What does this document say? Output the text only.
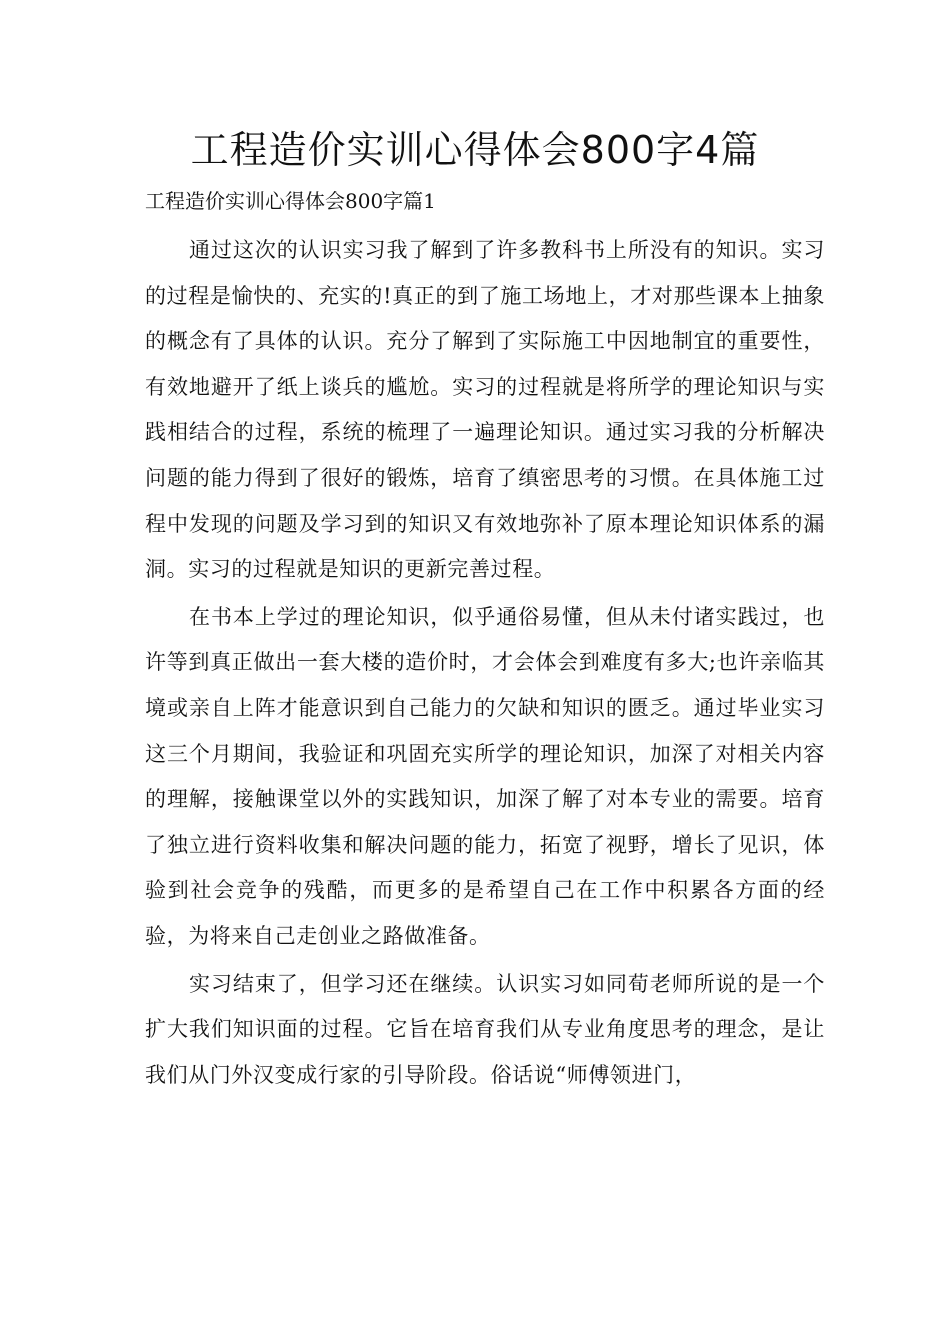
工程造价实训心得体会800字4篇

工程造价实训心得体会800字篇1

通过这次的认识实习我了解到了许多教科书上所没有的知识。实习的过程是愉快的、充实的!真正的到了施工场地上，才对那些课本上抽象的概念有了具体的认识。充分了解到了实际施工中因地制宜的重要性，有效地避开了纸上谈兵的尴尬。实习的过程就是将所学的理论知识与实践相结合的过程，系统的梳理了一遍理论知识。通过实习我的分析解决问题的能力得到了很好的锻炼，培育了缜密思考的习惯。在具体施工过程中发现的问题及学习到的知识又有效地弥补了原本理论知识体系的漏洞。实习的过程就是知识的更新完善过程。

在书本上学过的理论知识，似乎通俗易懂，但从未付诸实践过，也许等到真正做出一套大楼的造价时，才会体会到难度有多大;也许亲临其境或亲自上阵才能意识到自己能力的欠缺和知识的匮乏。通过毕业实习这三个月期间，我验证和巩固充实所学的理论知识，加深了对相关内容的理解，接触课堂以外的实践知识，加深了解了对本专业的需要。培育了独立进行资料收集和解决问题的能力，拓宽了视野，增长了见识，体验到社会竞争的残酷，而更多的是希望自己在工作中积累各方面的经验，为将来自己走创业之路做准备。

实习结束了，但学习还在继续。认识实习如同荀老师所说的是一个扩大我们知识面的过程。它旨在培育我们从专业角度思考的理念，是让我们从门外汉变成行家的引导阶段。俗话说“师傅领进门，
